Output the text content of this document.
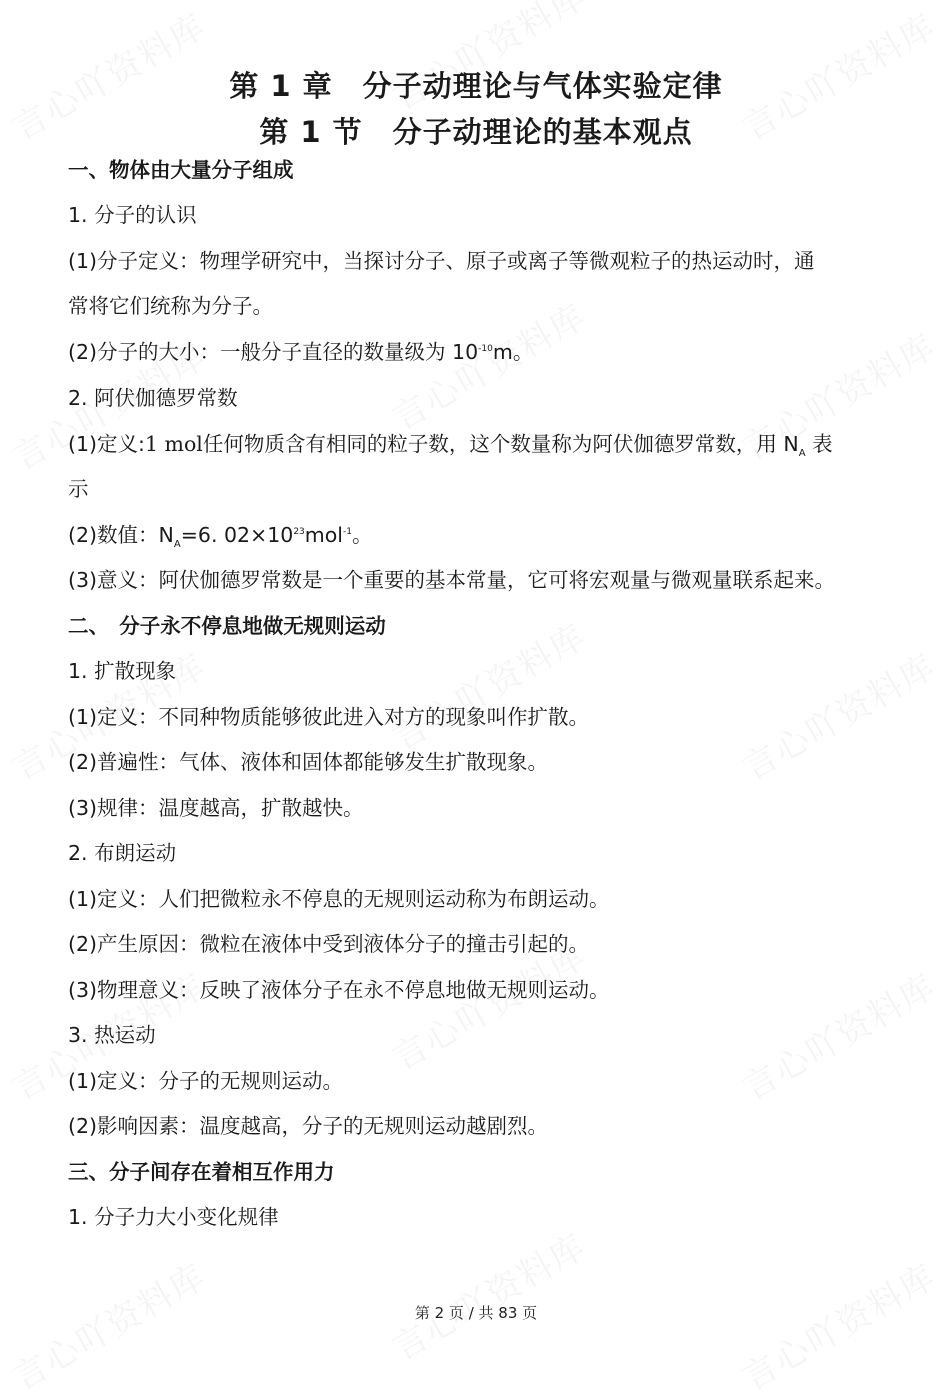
第 1 章　分子动理论与气体实验定律
第 1 节　分子动理论的基本观点
一、物体由大量分子组成
1. 分子的认识
(1)分子定义：物理学研究中，当探讨分子、原子或离子等微观粒子的热运动时，通
常将它们统称为分子。
(2)分子的大小：一般分子直径的数量级为 $10^{-10}m$。
2. 阿伏伽德罗常数
(1)定义:1 mol任何物质含有相同的粒子数，这个数量称为阿伏伽德罗常数，用 $N_A$ 表
示
(2)数值：$N_A=6$. $02\times 10^{23}mol^{-1}$。
(3)意义：阿伏伽德罗常数是一个重要的基本常量，它可将宏观量与微观量联系起来。
二、　分子永不停息地做无规则运动
1. 扩散现象
(1)定义：不同种物质能够彼此进入对方的现象叫作扩散。
(2)普遍性：气体、液体和固体都能够发生扩散现象。
(3)规律：温度越高，扩散越快。
2. 布朗运动
(1)定义：人们把微粒永不停息的无规则运动称为布朗运动。
(2)产生原因：微粒在液体中受到液体分子的撞击引起的。
(3)物理意义：反映了液体分子在永不停息地做无规则运动。
3. 热运动
(1)定义：分子的无规则运动。
(2)影响因素：温度越高，分子的无规则运动越剧烈。
三、分子间存在着相互作用力
1. 分子力大小变化规律
第 2 页 / 共 83 页
